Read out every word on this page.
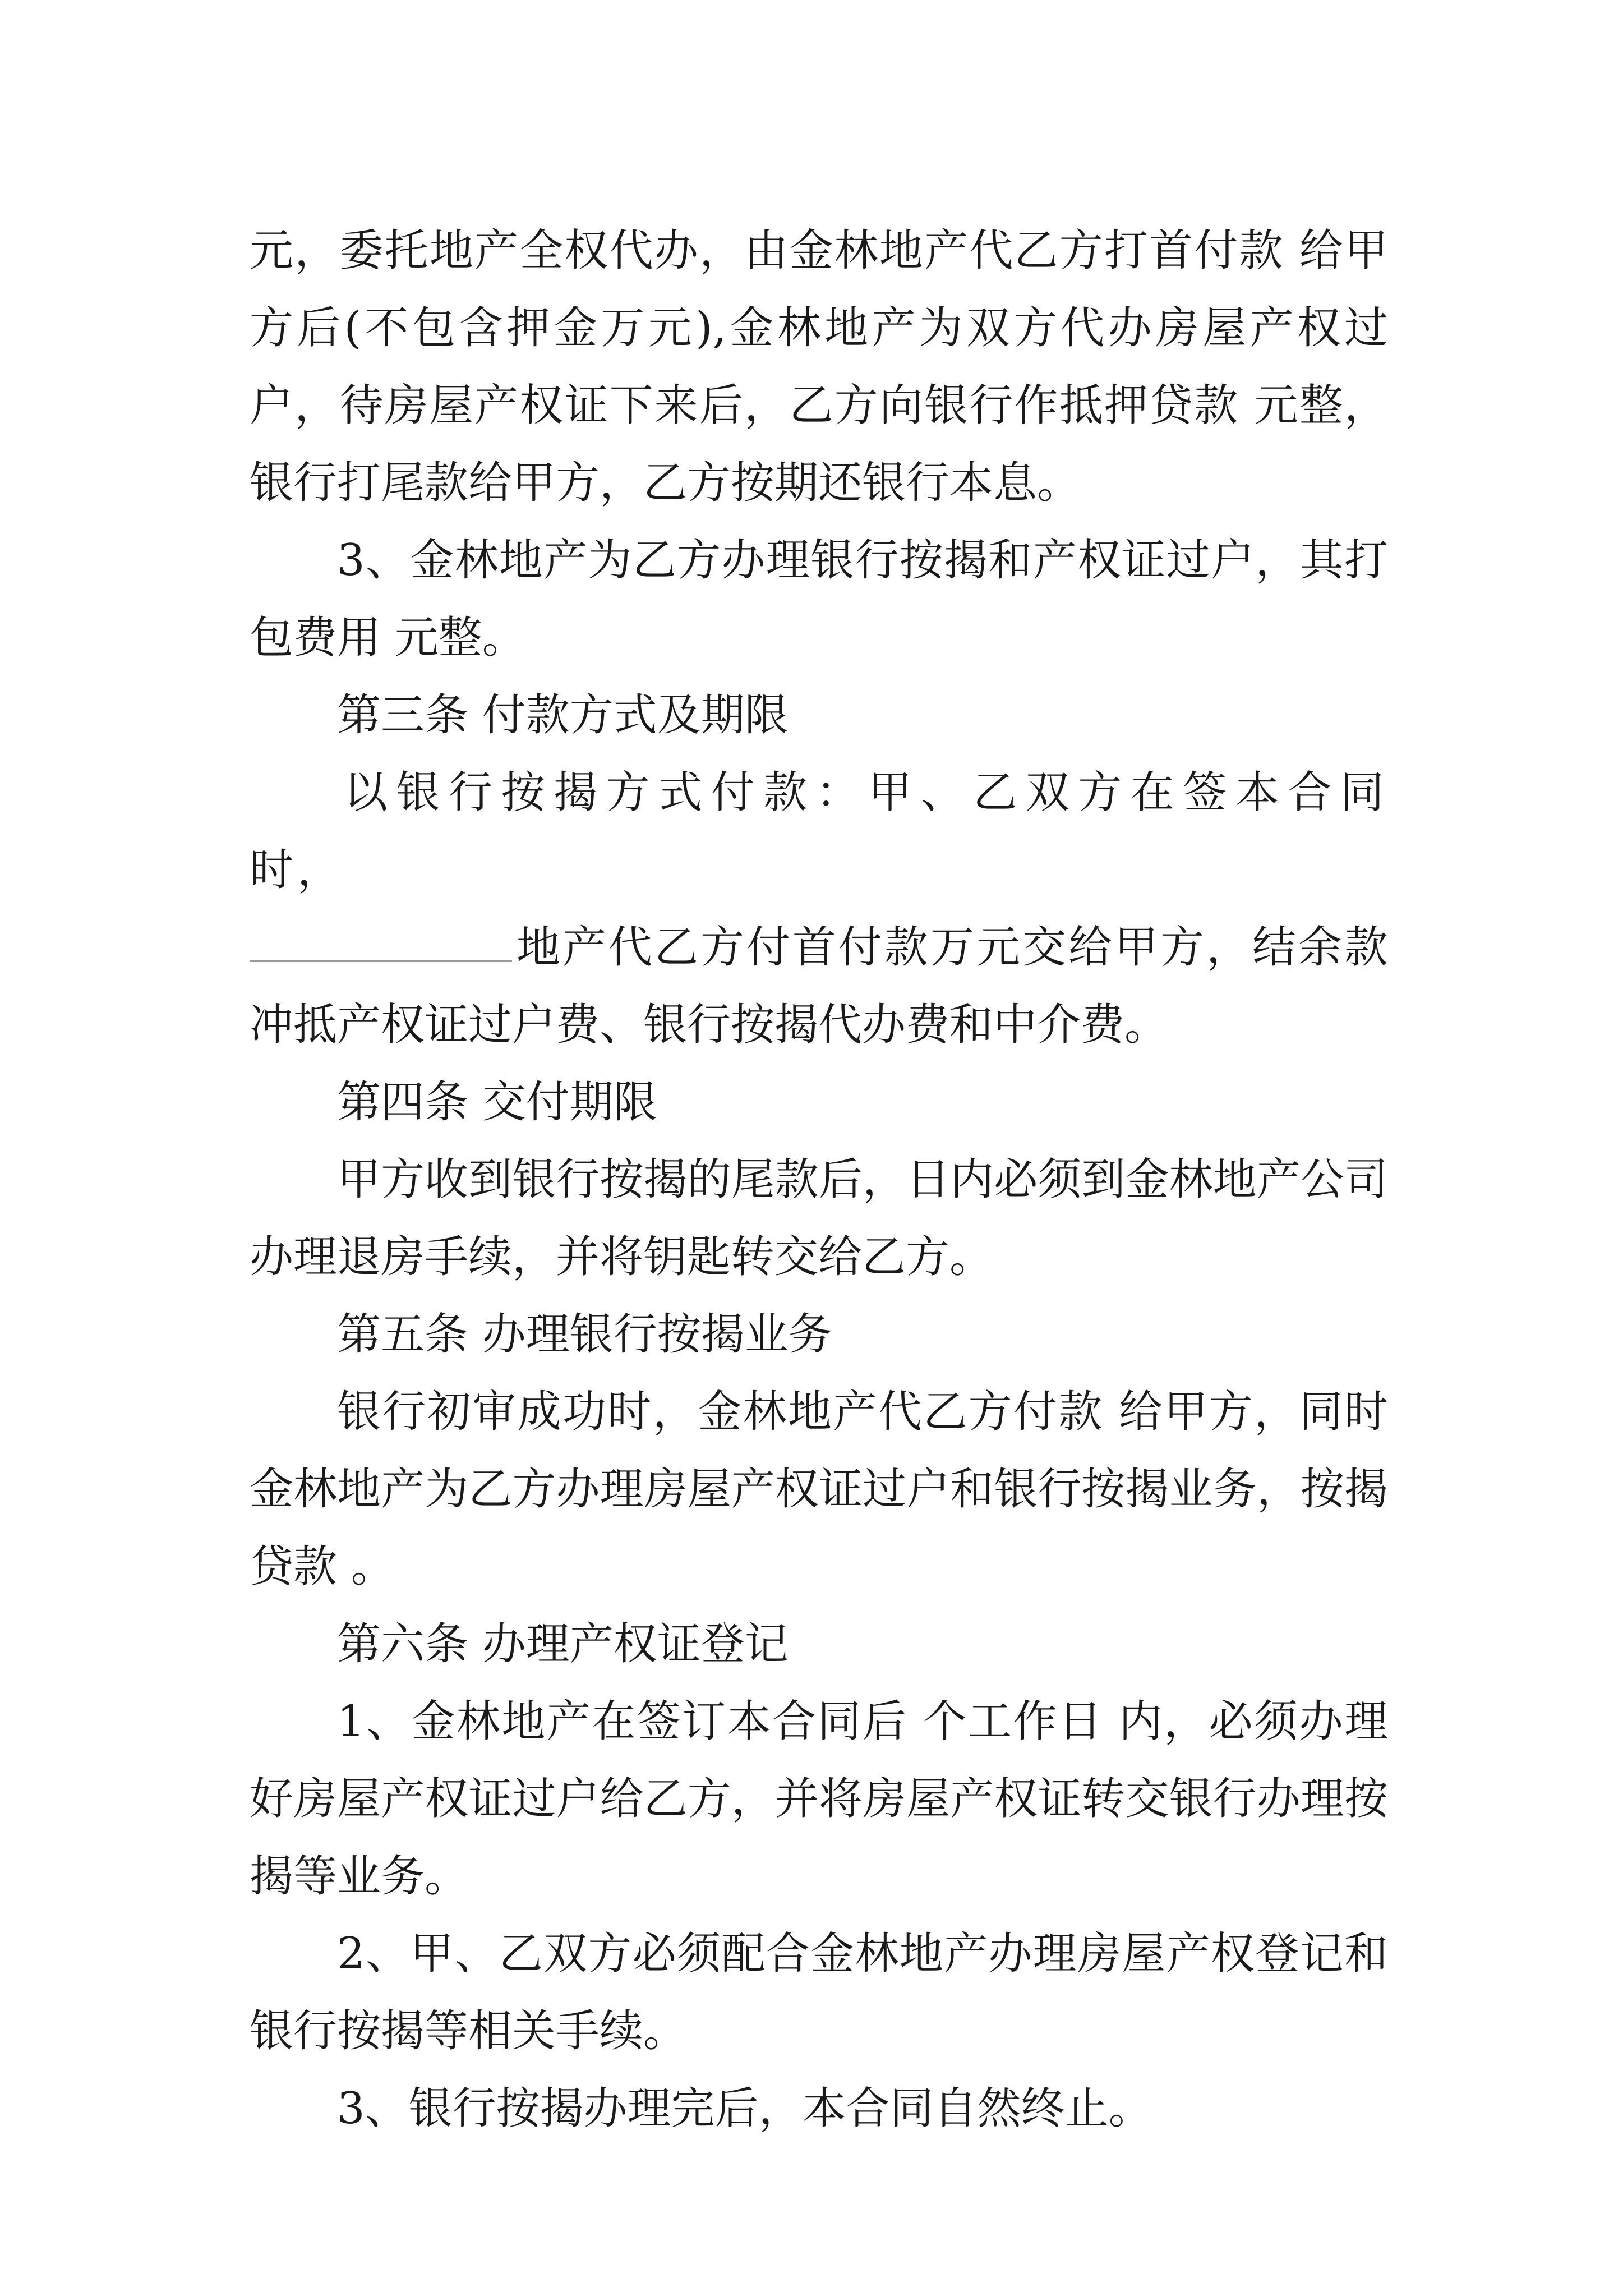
元，委托地产全权代办，由金林地产代乙方打首付款 给甲方后(不包含押金万元),金林地产为双方代办房屋产权过户，待房屋产权证下来后，乙方向银行作抵押贷款 元整，银行打尾款给甲方，乙方按期还银行本息。

3、金林地产为乙方办理银行按揭和产权证过户，其打包费用 元整。

第三条 付款方式及期限

以银行按揭方式付款：甲、乙双方在签本合同时，

地产代乙方付首付款万元交给甲方，结余款冲抵产权证过户费、银行按揭代办费和中介费。

第四条 交付期限

甲方收到银行按揭的尾款后，日内必须到金林地产公司办理退房手续，并将钥匙转交给乙方。

第五条 办理银行按揭业务

银行初审成功时，金林地产代乙方付款 给甲方，同时金林地产为乙方办理房屋产权证过户和银行按揭业务，按揭贷款 。

第六条 办理产权证登记

1、金林地产在签订本合同后 个工作日 内，必须办理好房屋产权证过户给乙方，并将房屋产权证转交银行办理按揭等业务。

2、甲、乙双方必须配合金林地产办理房屋产权登记和银行按揭等相关手续。

3、银行按揭办理完后，本合同自然终止。
